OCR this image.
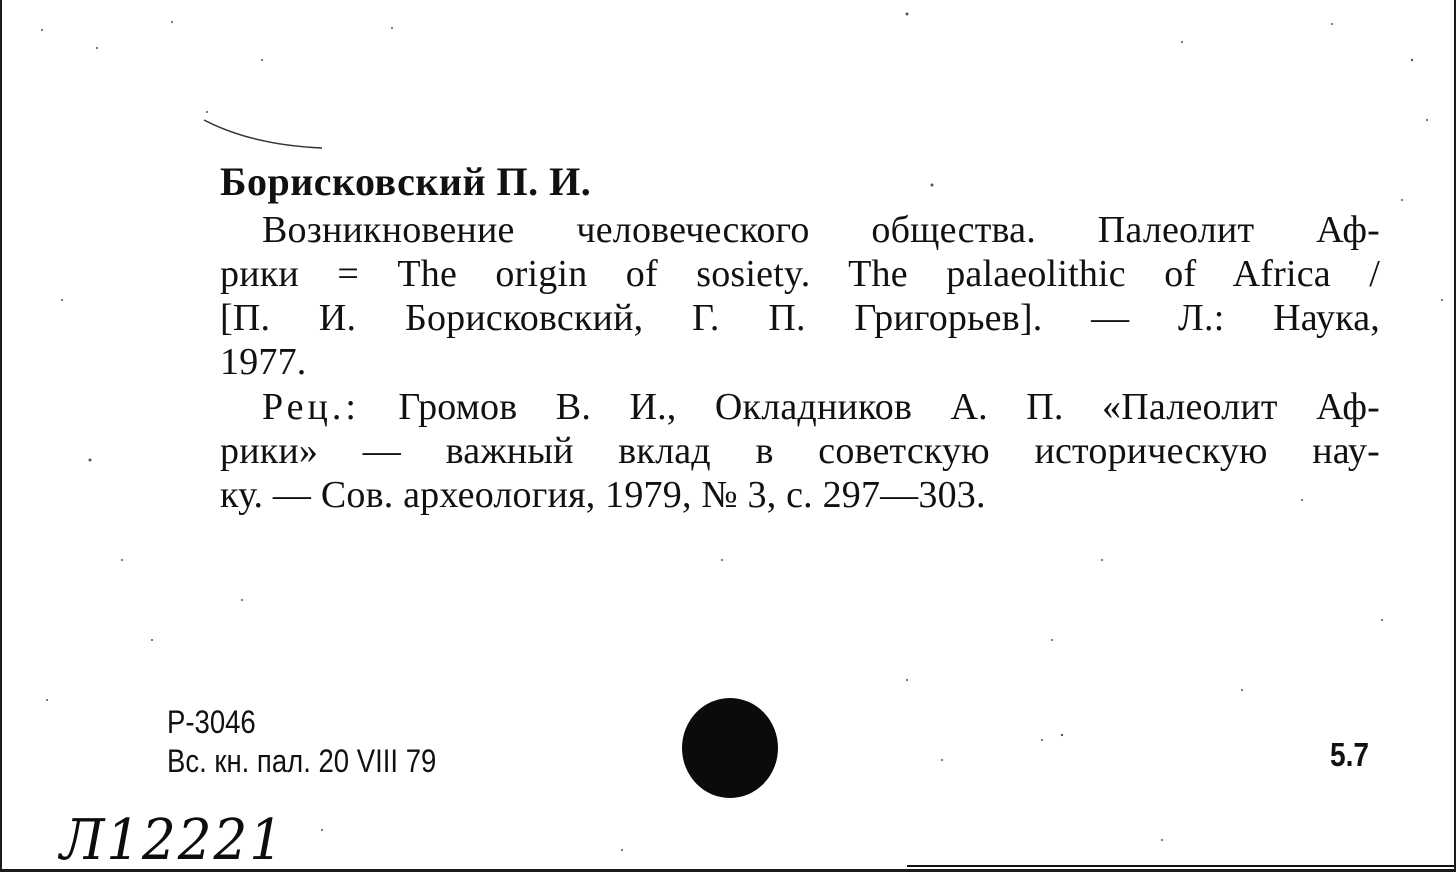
Борисковский П. И.
Возникновение человеческого общества. Палеолит Аф-
рики = The origin of sosiety. The palaeolithic of Africa /
[П. И. Борисковский, Г. П. Григорьев]. — Л.: Наука,
1977.
Рец.: Громов В. И., Окладников А. П. «Палеолит Аф-
рики» — важный вклад в советскую историческую нау-
ку. — Сов. археология, 1979, № 3, с. 297—303.
Р-3046
Вс. кн. пал. 20 VIII 79	5.7
Л12221
